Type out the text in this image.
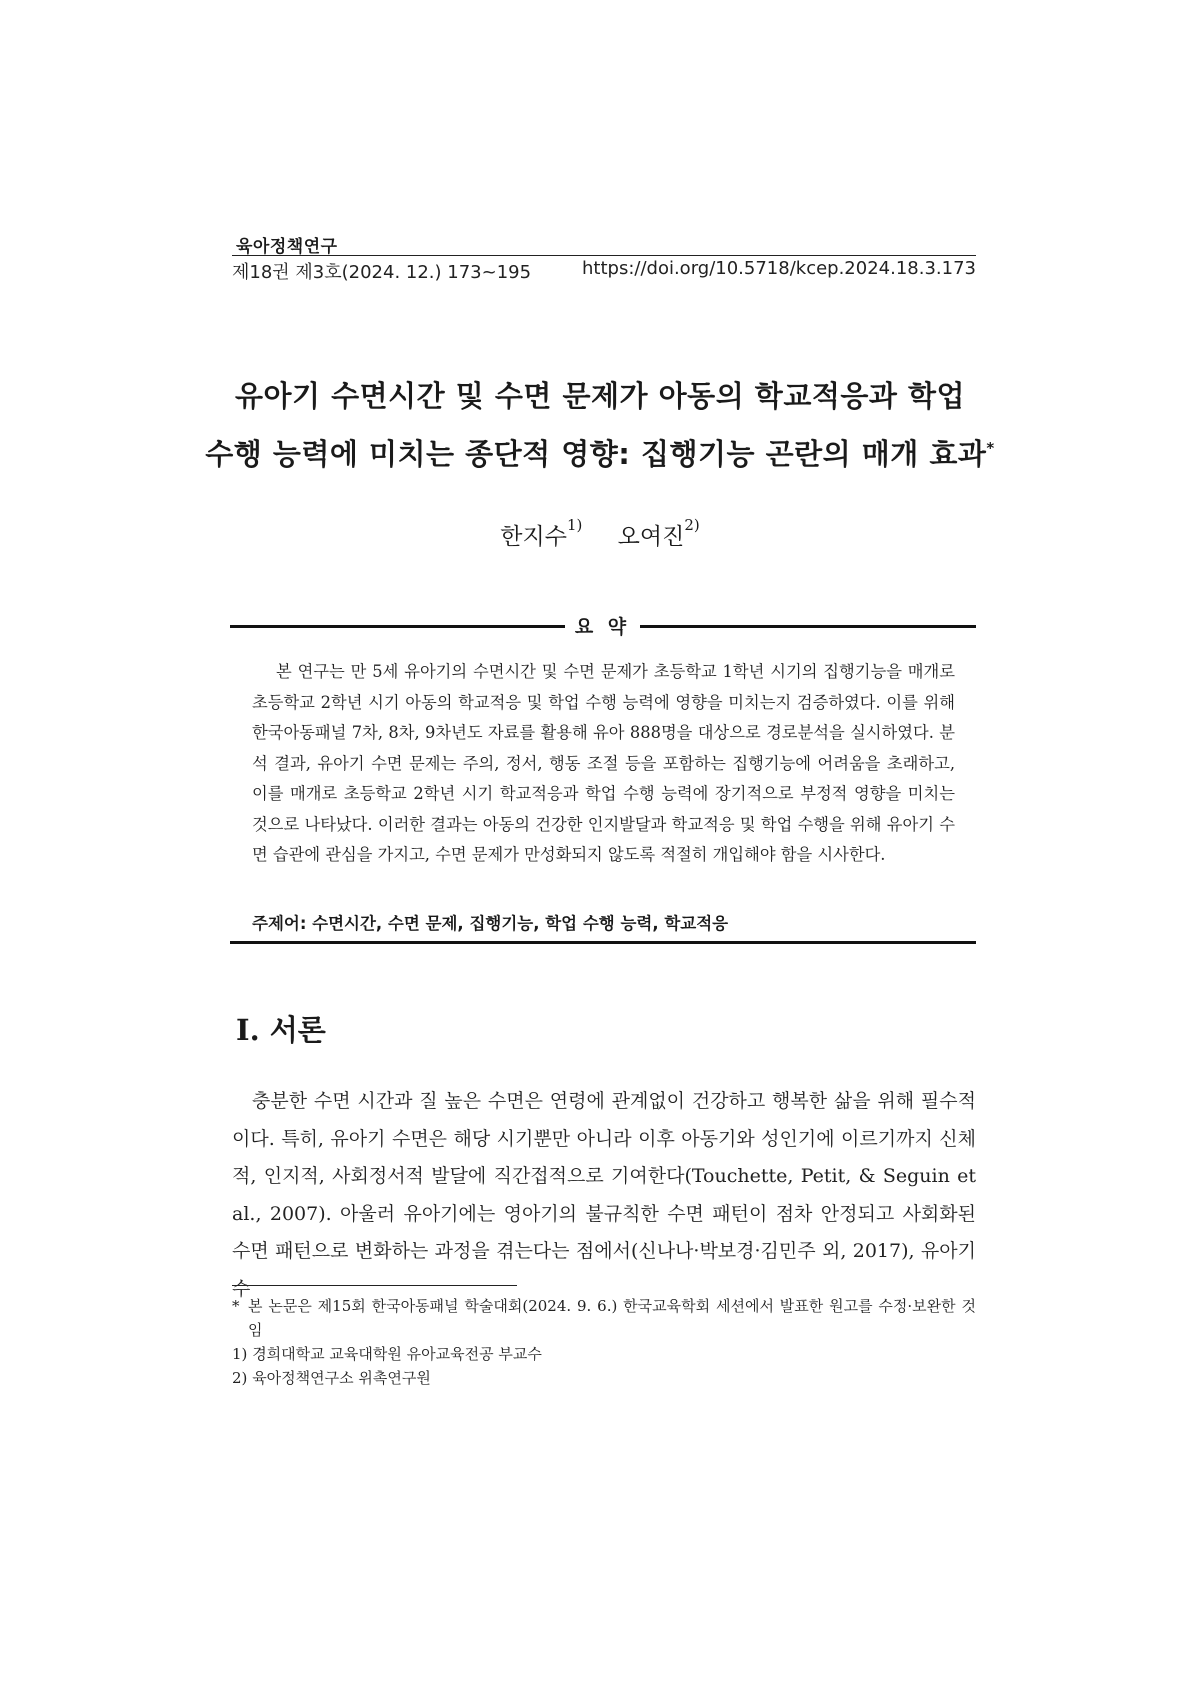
육아정책연구
제18권 제3호(2024. 12.) 173~195	https://doi.org/10.5718/kcep.2024.18.3.173
유아기 수면시간 및 수면 문제가 아동의 학교적응과 학업
수행 능력에 미치는 종단적 영향: 집행기능 곤란의 매개 효과*
한지수$^{1)}$ 오여진$^{2)}$
요 약
본 연구는 만 5세 유아기의 수면시간 및 수면 문제가 초등학교 1학년 시기의 집행기능을 매개로 초등학교 2학년 시기 아동의 학교적응 및 학업 수행 능력에 영향을 미치는지 검증하였다. 이를 위해 한국아동패널 7차, 8차, 9차년도 자료를 활용해 유아 888명을 대상으로 경로분석을 실시하였다. 분석 결과, 유아기 수면 문제는 주의, 정서, 행동 조절 등을 포함하는 집행기능에 어려움을 초래하고, 이를 매개로 초등학교 2학년 시기 학교적응과 학업 수행 능력에 장기적으로 부정적 영향을 미치는 것으로 나타났다. 이러한 결과는 아동의 건강한 인지발달과 학교적응 및 학업 수행을 위해 유아기 수면 습관에 관심을 가지고, 수면 문제가 만성화되지 않도록 적절히 개입해야 함을 시사한다.
주제어: 수면시간, 수면 문제, 집행기능, 학업 수행 능력, 학교적응
Ⅰ. 서론
충분한 수면 시간과 질 높은 수면은 연령에 관계없이 건강하고 행복한 삶을 위해 필수적이다. 특히, 유아기 수면은 해당 시기뿐만 아니라 이후 아동기와 성인기에 이르기까지 신체적, 인지적, 사회정서적 발달에 직간접적으로 기여한다(Touchette, Petit, & Seguin et al., 2007). 아울러 유아기에는 영아기의 불규칙한 수면 패턴이 점차 안정되고 사회화된 수면 패턴으로 변화하는 과정을 겪는다는 점에서(신나나·박보경·김민주 외, 2017), 유아기 수
* 본 논문은 제15회 한국아동패널 학술대회(2024. 9. 6.) 한국교육학회 세션에서 발표한 원고를 수정·보완한 것임
1) 경희대학교 교육대학원 유아교육전공 부교수
2) 육아정책연구소 위촉연구원
